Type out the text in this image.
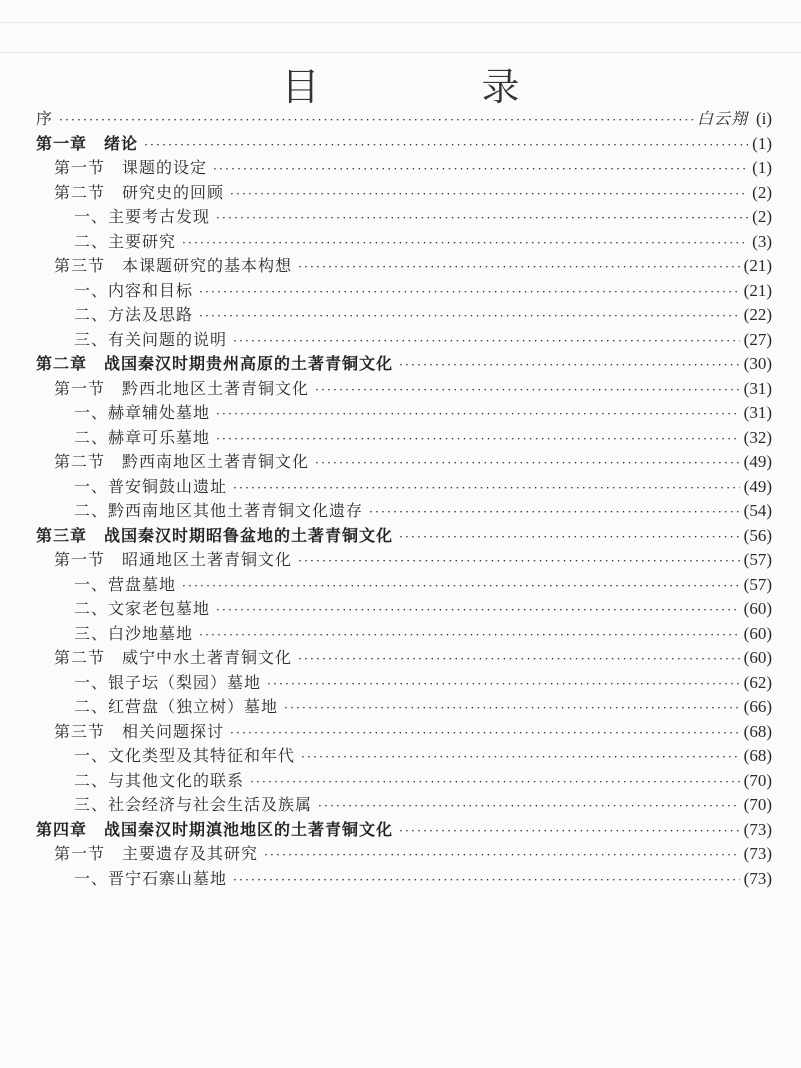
目　录
序 ·····	白云翔 (i)
第一章　绪论 ·····	(1)
第一节　课题的设定 ·····	(1)
第二节　研究史的回顾 ·····	(2)
一、主要考古发现 ·····	(2)
二、主要研究 ·····	(3)
第三节　本课题研究的基本构想 ·····	(21)
一、内容和目标 ·····	(21)
二、方法及思路 ·····	(22)
三、有关问题的说明 ·····	(27)
第二章　战国秦汉时期贵州高原的土著青铜文化 ·····	(30)
第一节　黔西北地区土著青铜文化 ·····	(31)
一、赫章辅处墓地 ·····	(31)
二、赫章可乐墓地 ·····	(32)
第二节　黔西南地区土著青铜文化 ·····	(49)
一、普安铜鼓山遗址 ·····	(49)
二、黔西南地区其他土著青铜文化遗存 ·····	(54)
第三章　战国秦汉时期昭鲁盆地的土著青铜文化 ·····	(56)
第一节　昭通地区土著青铜文化 ·····	(57)
一、营盘墓地 ·····	(57)
二、文家老包墓地 ·····	(60)
三、白沙地墓地 ·····	(60)
第二节　威宁中水土著青铜文化 ·····	(60)
一、银子坛（梨园）墓地 ·····	(62)
二、红营盘（独立树）墓地 ·····	(66)
第三节　相关问题探讨 ·····	(68)
一、文化类型及其特征和年代 ·····	(68)
二、与其他文化的联系 ·····	(70)
三、社会经济与社会生活及族属 ·····	(70)
第四章　战国秦汉时期滇池地区的土著青铜文化 ·····	(73)
第一节　主要遗存及其研究 ·····	(73)
一、晋宁石寨山墓地 ·····	(73)
